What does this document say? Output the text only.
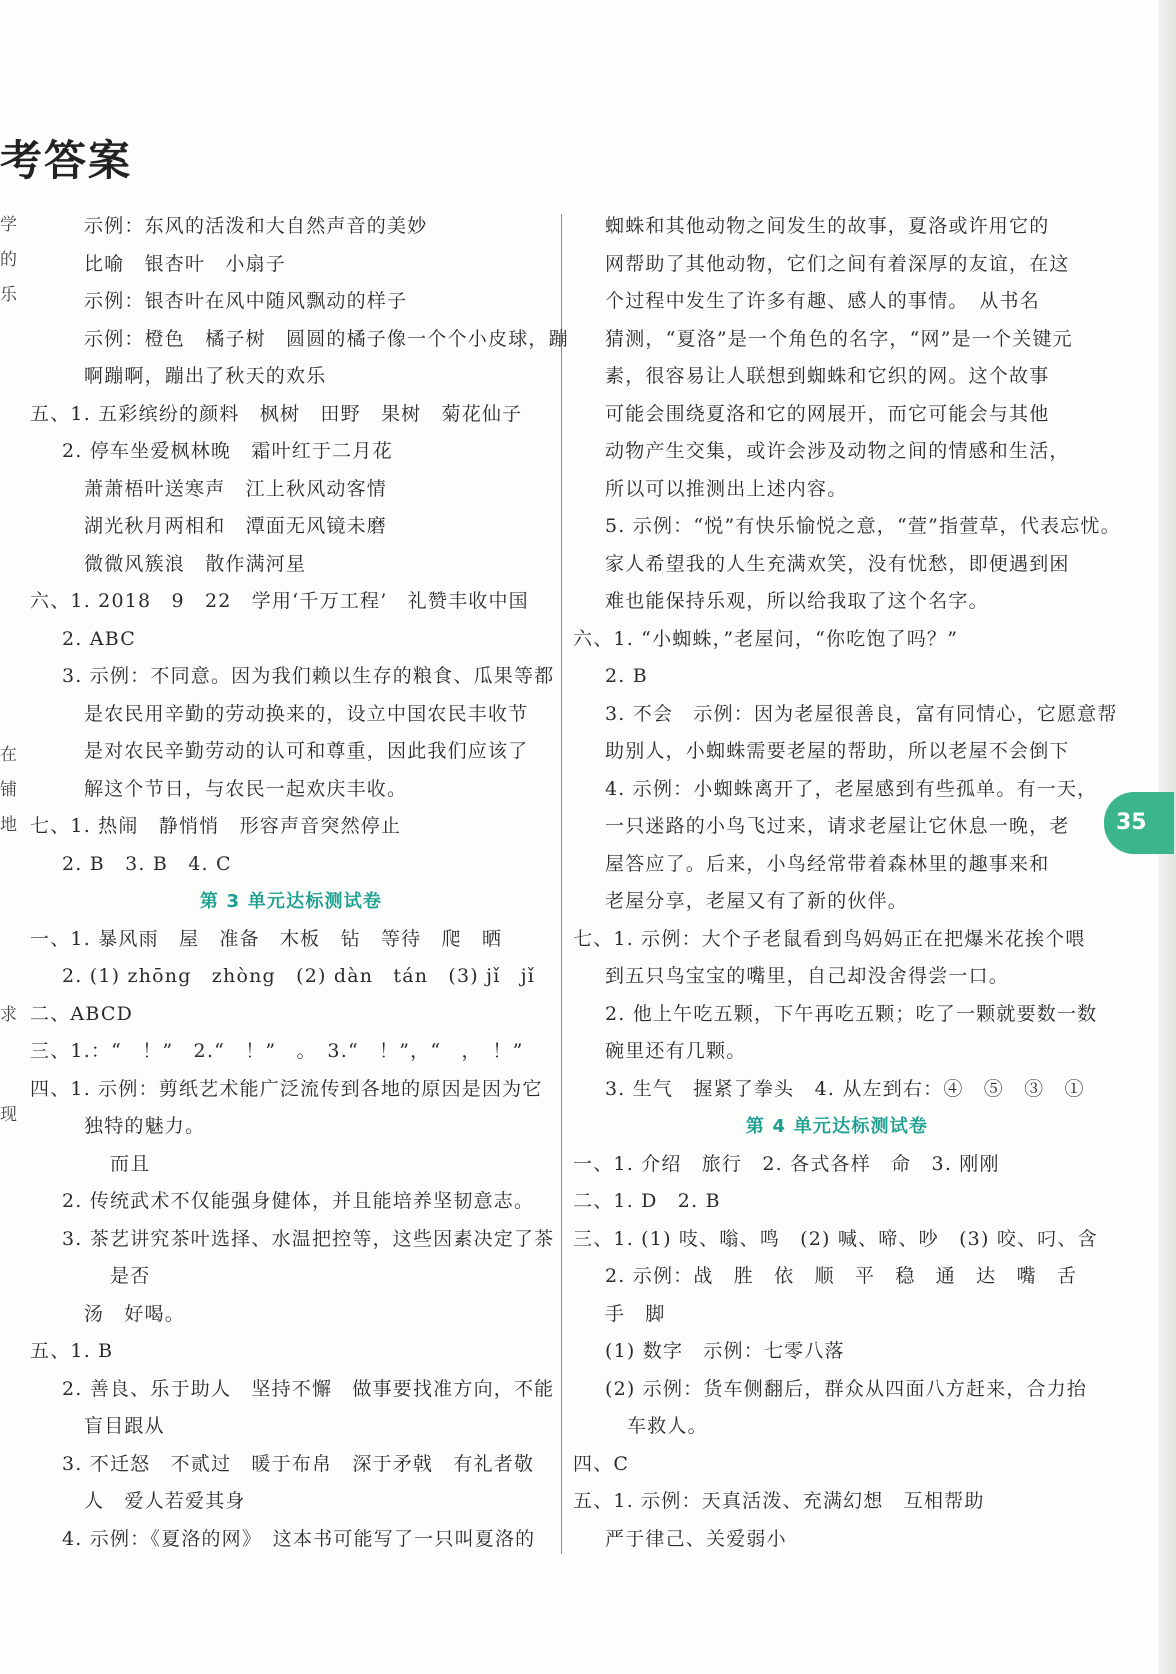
考答案
学
的
乐
在
铺
地
求
现
示例：东风的活泼和大自然声音的美妙
比喻　银杏叶　小扇子
示例：银杏叶在风中随风飘动的样子
示例：橙色　橘子树　圆圆的橘子像一个个小皮球，蹦
啊蹦啊，蹦出了秋天的欢乐
五、1. 五彩缤纷的颜料　枫树　田野　果树　菊花仙子
2. 停车坐爱枫林晚　霜叶红于二月花
萧萧梧叶送寒声　江上秋风动客情
湖光秋月两相和　潭面无风镜未磨
微微风簇浪　散作满河星
六、1. 2018　9　22　学用‘千万工程’　礼赞丰收中国
2. ABC
3. 示例：不同意。因为我们赖以生存的粮食、瓜果等都
是农民用辛勤的劳动换来的，设立中国农民丰收节
是对农民辛勤劳动的认可和尊重，因此我们应该了
解这个节日，与农民一起欢庆丰收。
七、1. 热闹　静悄悄　形容声音突然停止
2. B　3. B　4. C
第 3 单元达标测试卷
一、1. 暴风雨　屋　准备　木板　钻　等待　爬　晒
2. (1) zhōng　zhòng　(2) dàn　tán　(3) jǐ　jǐ
二、ABCD
三、1.：“　！”　2.“　！”　。　3.“　！”，“　，　！”
四、1. 示例：剪纸艺术能广泛流传到各地的原因是因为它
独特的魅力。
而且
2. 传统武术不仅能强身健体，并且能培养坚韧意志。
3. 茶艺讲究茶叶选择、水温把控等，这些因素决定了茶
是否
汤　好喝。
五、1. B
2. 善良、乐于助人　坚持不懈　做事要找准方向，不能
盲目跟从
3. 不迁怒　不贰过　暖于布帛　深于矛戟　有礼者敬
人　爱人若爱其身
4. 示例：《夏洛的网》　这本书可能写了一只叫夏洛的
蜘蛛和其他动物之间发生的故事，夏洛或许用它的
网帮助了其他动物，它们之间有着深厚的友谊，在这
个过程中发生了许多有趣、感人的事情。　从书名
猜测，“夏洛”是一个角色的名字，“网”是一个关键元
素，很容易让人联想到蜘蛛和它织的网。这个故事
可能会围绕夏洛和它的网展开，而它可能会与其他
动物产生交集，或许会涉及动物之间的情感和生活，
所以可以推测出上述内容。
5. 示例：“悦”有快乐愉悦之意，“萱”指萱草，代表忘忧。
家人希望我的人生充满欢笑，没有忧愁，即便遇到困
难也能保持乐观，所以给我取了这个名字。
六、1. “小蜘蛛，”老屋问，“你吃饱了吗？”
2. B
3. 不会　示例：因为老屋很善良，富有同情心，它愿意帮
助别人，小蜘蛛需要老屋的帮助，所以老屋不会倒下
4. 示例：小蜘蛛离开了，老屋感到有些孤单。有一天，
一只迷路的小鸟飞过来，请求老屋让它休息一晚，老
屋答应了。后来，小鸟经常带着森林里的趣事来和
老屋分享，老屋又有了新的伙伴。
七、1. 示例：大个子老鼠看到鸟妈妈正在把爆米花挨个喂
到五只鸟宝宝的嘴里，自己却没舍得尝一口。
2. 他上午吃五颗，下午再吃五颗；吃了一颗就要数一数
碗里还有几颗。
3. 生气　握紧了拳头　4. 从左到右：④　⑤　③　①
第 4 单元达标测试卷
一、1. 介绍　旅行　2. 各式各样　命　3. 刚刚
二、1. D　2. B
三、1. (1) 吱、嗡、鸣　(2) 喊、啼、吵　(3) 咬、叼、含
2. 示例：战　胜　依　顺　平　稳　通　达　嘴　舌
手　脚
(1) 数字　示例：七零八落
(2) 示例：货车侧翻后，群众从四面八方赶来，合力抬
车救人。
四、C
五、1. 示例：天真活泼、充满幻想　互相帮助
严于律己、关爱弱小
35
